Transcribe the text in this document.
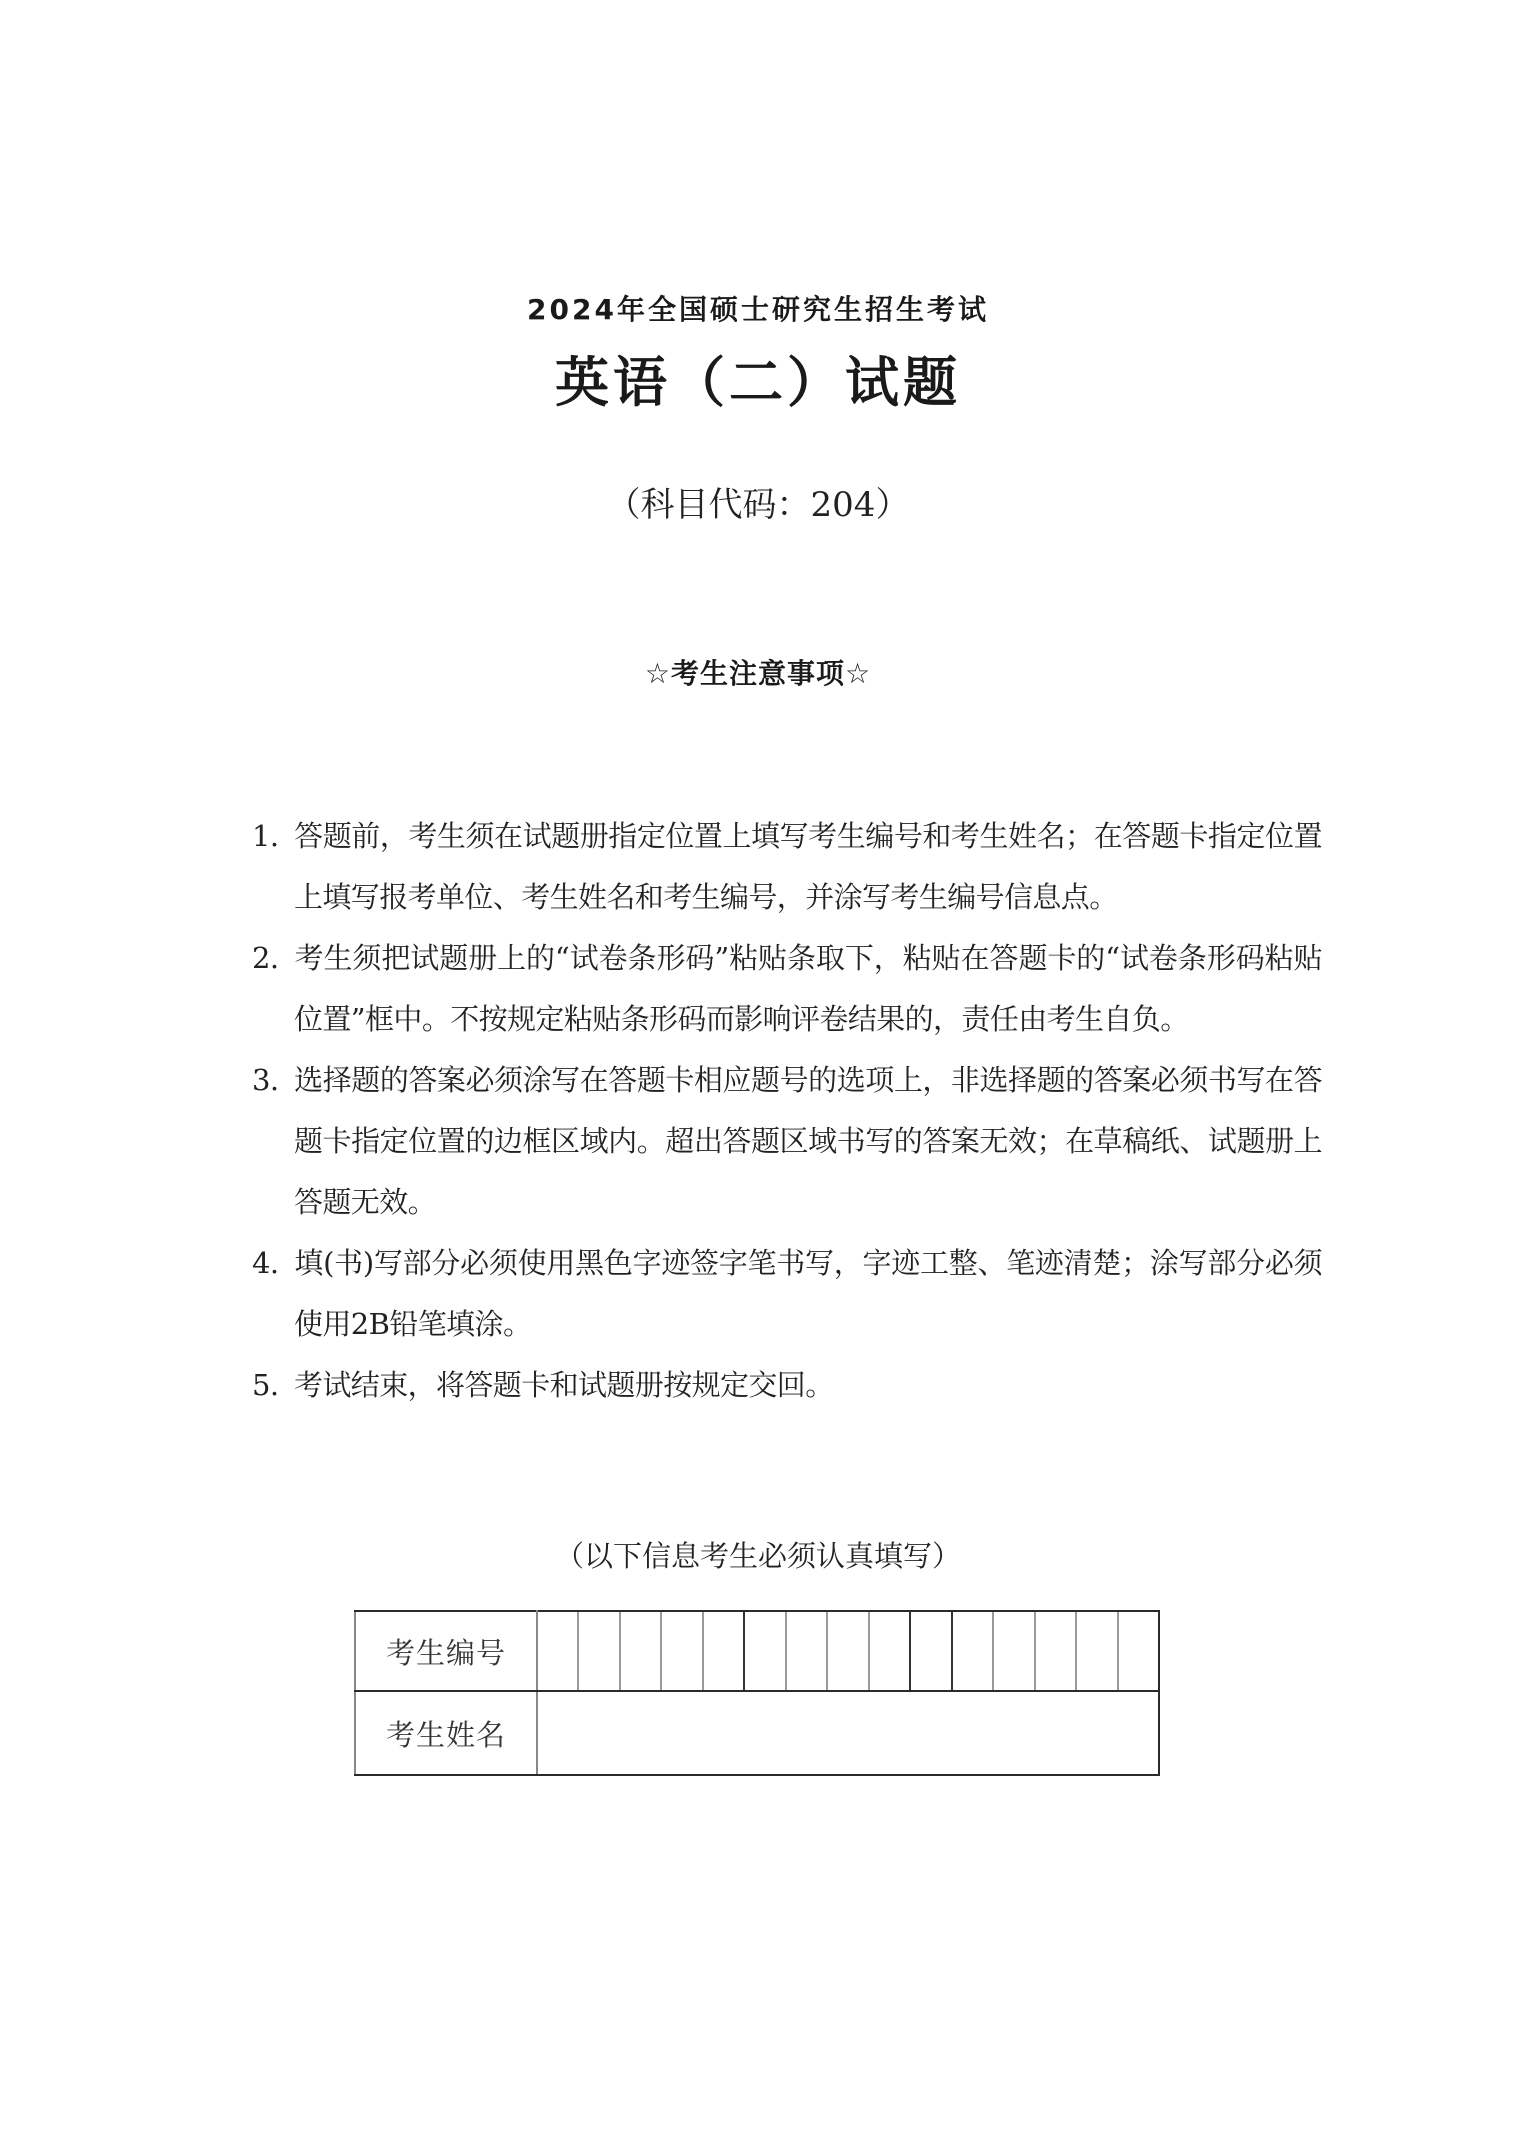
2024年全国硕士研究生招生考试
英语（二）试题
（科目代码：204）
☆考生注意事项☆
1. 答题前，考生须在试题册指定位置上填写考生编号和考生姓名；在答题卡指定位置上填写报考单位、考生姓名和考生编号，并涂写考生编号信息点。
2. 考生须把试题册上的“试卷条形码”粘贴条取下，粘贴在答题卡的“试卷条形码粘贴位置”框中。不按规定粘贴条形码而影响评卷结果的，责任由考生自负。
3. 选择题的答案必须涂写在答题卡相应题号的选项上，非选择题的答案必须书写在答题卡指定位置的边框区域内。超出答题区域书写的答案无效；在草稿纸、试题册上答题无效。
4. 填(书)写部分必须使用黑色字迹签字笔书写，字迹工整、笔迹清楚；涂写部分必须使用2B铅笔填涂。
5. 考试结束，将答题卡和试题册按规定交回。
（以下信息考生必须认真填写）
考生编号	

考生姓名	
